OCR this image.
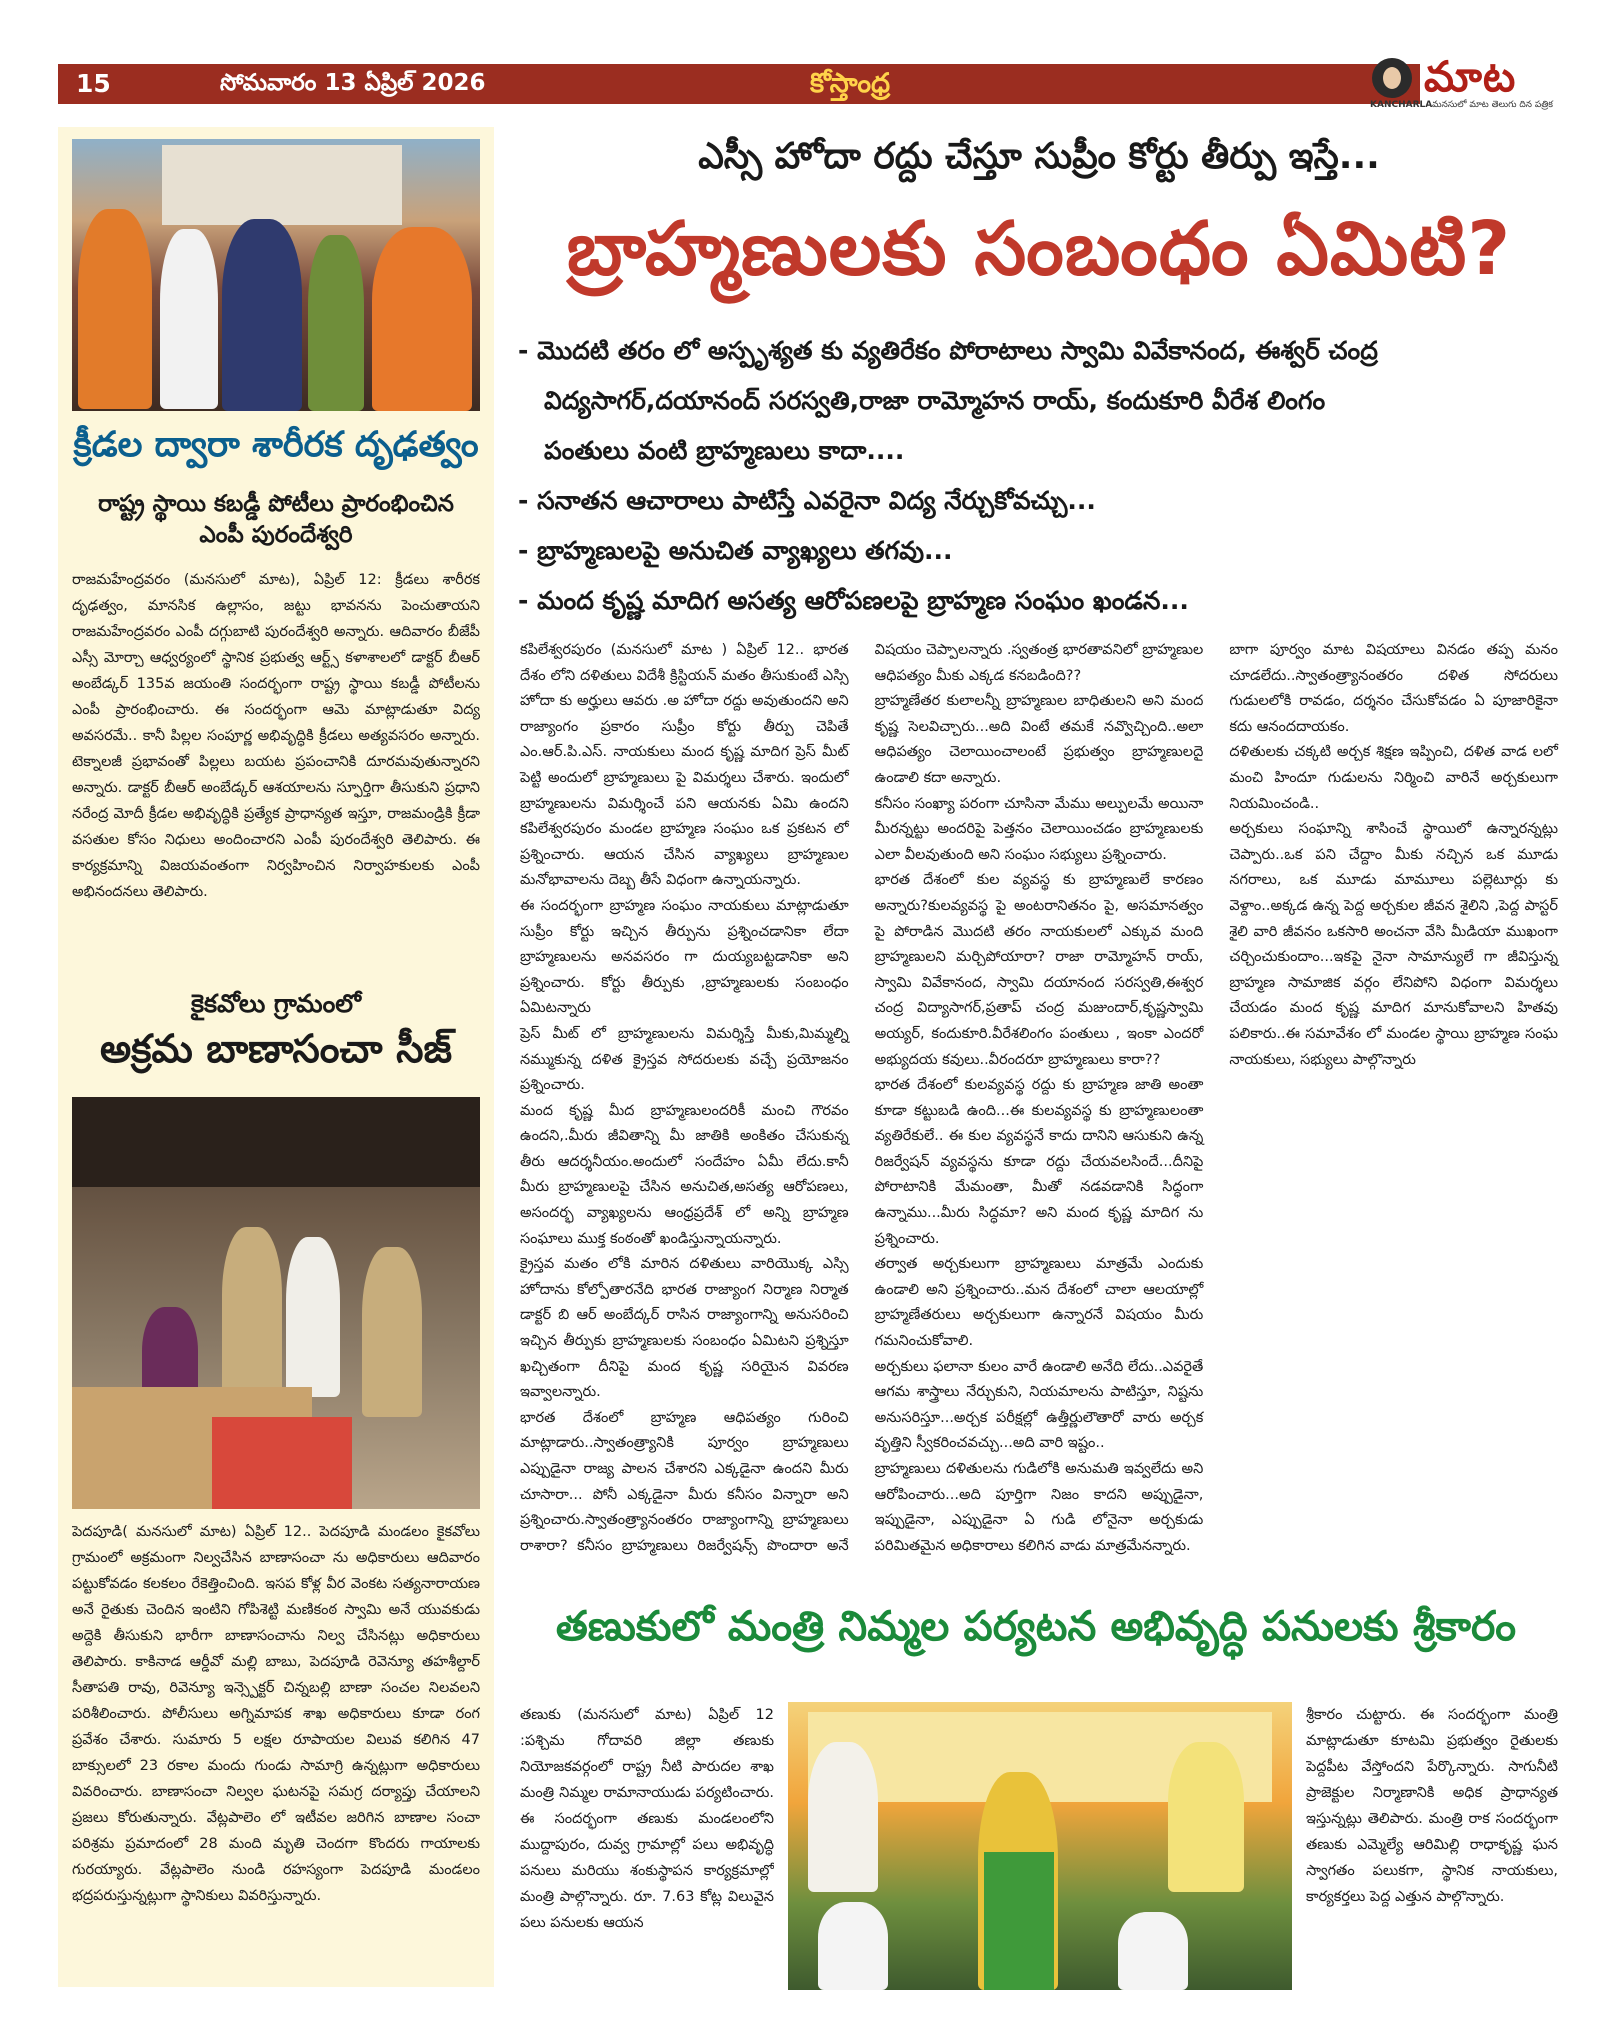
15	సోమవారం 13 ఏప్రిల్ 2026	కోస్తాంధ్ర
KANCHARLA
మాట
మనసులో మాట తెలుగు దిన పత్రిక
క్రీడల ద్వారా శారీరక దృఢత్వం
రాష్ట్ర స్థాయి కబడ్డీ పోటీలు ప్రారంభించిన ఎంపీ పురందేశ్వరి

రాజమహేంద్రవరం (మనసులో మాట), ఏప్రిల్ 12: క్రీడలు శారీరక దృఢత్వం, మానసిక ఉల్లాసం, జట్టు భావనను పెంచుతాయని రాజమహేంద్రవరం ఎంపీ దగ్గుబాటి పురందేశ్వరి అన్నారు. ఆదివారం బీజేపీ ఎస్సీ మోర్చా ఆధ్వర్యంలో స్థానిక ప్రభుత్వ ఆర్ట్స్ కళాశాలలో డాక్టర్ బీఆర్ అంబేడ్కర్ 135వ జయంతి సందర్భంగా రాష్ట్ర స్థాయి కబడ్డీ పోటీలను ఎంపీ ప్రారంభించారు. ఈ సందర్భంగా ఆమె మాట్లాడుతూ విద్య అవసరమే.. కానీ పిల్లల సంపూర్ణ అభివృద్ధికి క్రీడలు అత్యవసరం అన్నారు. టెక్నాలజీ ప్రభావంతో పిల్లలు బయట ప్రపంచానికి దూరమవుతున్నారని అన్నారు. డాక్టర్ బీఆర్ అంబేడ్కర్ ఆశయాలను స్ఫూర్తిగా తీసుకుని ప్రధాని నరేంద్ర మోదీ క్రీడల అభివృద్ధికి ప్రత్యేక ప్రాధాన్యత ఇస్తూ, రాజమండ్రికి క్రీడా వసతుల కోసం నిధులు అందించారని ఎంపీ పురందేశ్వరి తెలిపారు. ఈ కార్యక్రమాన్ని విజయవంతంగా నిర్వహించిన నిర్వాహకులకు ఎంపీ అభినందనలు తెలిపారు.

కైకవోలు గ్రామంలో
అక్రమ బాణాసంచా సీజ్

పెదపూడి( మనసులో మాట) ఏప్రిల్ 12.. పెదపూడి మండలం కైకవోలు గ్రామంలో అక్రమంగా నిల్వచేసిన బాణాసంచా ను అధికారులు ఆదివారం పట్టుకోవడం కలకలం రేకెత్తించింది. ఇసప కోళ్ల వీర వెంకట సత్యనారాయణ అనే రైతుకు చెందిన ఇంటిని గోపిశెట్టి మణికంఠ స్వామి అనే యువకుడు అద్దెకి తీసుకుని భారీగా బాణాసంచాను నిల్వ చేసినట్లు అధికారులు తెలిపారు. కాకినాడ ఆర్డీవో మల్లి బాబు, పెదపూడి రెవెన్యూ తహశీల్దార్ సీతాపతి రావు, రివెన్యూ ఇన్స్పెక్టర్ చిన్నబల్లి బాణా సంచల నిలవలని పరిశీలించారు. పోలీసులు అగ్నిమాపక శాఖ అధికారులు కూడా రంగ ప్రవేశం చేశారు. సుమారు 5 లక్షల రూపాయల విలువ కలిగిన 47 బాక్సులలో 23 రకాల మందు గుండు సామాగ్రి ఉన్నట్లుగా అధికారులు వివరించారు. బాణాసంచా నిల్వల ఘటనపై సమగ్ర దర్యాప్తు చేయాలని ప్రజలు కోరుతున్నారు. వేట్లపాలెం లో ఇటీవల జరిగిన బాణాల సంచా పరిశ్రమ ప్రమాదంలో 28 మంది మృతి చెందగా కొందరు గాయాలకు గురయ్యారు. వేట్లపాలెం నుండి రహస్యంగా పెదపూడి మండలం భద్రపరుస్తున్నట్లుగా స్థానికులు వివరిస్తున్నారు.

ఎస్సీ హోదా రద్దు చేస్తూ సుప్రీం కోర్టు తీర్పు ఇస్తే...
బ్రాహ్మణులకు సంబంధం ఏమిటి?
- మొదటి తరం లో అస్పృశ్యత కు వ్యతిరేకం పోరాటాలు స్వామి వివేకానంద, ఈశ్వర్ చంద్ర
విద్యసాగర్,దయానంద్ సరస్వతి,రాజా రామ్మోహన రాయ్, కందుకూరి వీరేశ లింగం
పంతులు వంటి బ్రాహ్మణులు కాదా....
- సనాతన ఆచారాలు పాటిస్తే ఎవరైనా విద్య నేర్చుకోవచ్చు...
- బ్రాహ్మణులపై అనుచిత వ్యాఖ్యలు తగవు...
- మంద కృష్ణ మాదిగ అసత్య ఆరోపణలపై బ్రాహ్మణ సంఘం ఖండన...

కపిలేశ్వరపురం (మనసులో మాట ) ఏప్రిల్ 12.. భారత దేశం లోని దళితులు విదేశీ క్రిస్టియన్ మతం తీసుకుంటే ఎస్సి హోదా కు అర్హులు ఆవరు .అ హోదా రద్దు అవుతుందని అని రాజ్యాంగం ప్రకారం సుప్రీం కోర్టు తీర్పు చెపితే ఎం.ఆర్.పి.ఎస్. నాయకులు మంద కృష్ణ మాదిగ ప్రెస్ మీట్ పెట్టి అందులో బ్రాహ్మణులు పై విమర్శలు చేశారు. ఇందులో బ్రాహ్మణులను విమర్శించే పని ఆయనకు ఏమి ఉందని కపిలేశ్వరపురం మండల బ్రాహ్మణ సంఘం ఒక ప్రకటన లో ప్రశ్నించారు. ఆయన చేసిన వ్యాఖ్యలు బ్రాహ్మణుల మనోభావాలను దెబ్బ తీసే విధంగా ఉన్నాయన్నారు.

ఈ సందర్భంగా బ్రాహ్మణ సంఘం నాయకులు మాట్లాడుతూ సుప్రీం కోర్టు ఇచ్చిన తీర్పును ప్రశ్నించడానికా లేదా బ్రాహ్మణులను అనవసరం గా దుయ్యబట్టడానికా అని ప్రశ్నించారు. కోర్టు తీర్పుకు ,బ్రాహ్మణులకు సంబంధం ఏమిటన్నారు

ప్రెస్ మీట్ లో బ్రాహ్మణులను విమర్శిస్తే మీకు,మిమ్మల్ని నమ్ముకున్న దళిత క్రైస్తవ సోదరులకు వచ్చే ప్రయోజనం ప్రశ్నించారు.

మంద కృష్ణ మీద బ్రాహ్మణులందరికీ మంచి గౌరవం ఉందని,.మీరు జీవితాన్ని మీ జాతికి అంకితం చేసుకున్న తీరు ఆదర్శనీయం.అందులో సందేహం ఏమీ లేదు.కానీ మీరు బ్రాహ్మణులపై చేసిన అనుచిత,అసత్య ఆరోపణలు, అసందర్భ వ్యాఖ్యలను ఆంధ్రప్రదేశ్ లో అన్ని బ్రాహ్మణ సంఘాలు ముక్త కంఠంతో ఖండిస్తున్నాయన్నారు.

క్రైస్తవ మతం లోకి మారిన దళితులు వారియొక్క ఎస్సి హోదాను కోల్పోతారనేది భారత రాజ్యాంగ నిర్మాణ నిర్మాత డాక్టర్ బి ఆర్ అంబేద్కర్ రాసిన రాజ్యాంగాన్ని అనుసరించి ఇచ్చిన తీర్పుకు బ్రాహ్మణులకు సంబంధం ఏమిటని ప్రశ్నిస్తూ ఖచ్చితంగా దీనిపై మంద కృష్ణ సరియైన వివరణ ఇవ్వాలన్నారు.

భారత దేశంలో బ్రాహ్మణ ఆధిపత్యం గురించి మాట్లాడారు..స్వాతంత్ర్యానికి పూర్వం బ్రాహ్మణులు ఎప్పుడైనా రాజ్య పాలన చేశారని ఎక్కడైనా ఉందని మీరు చూసారా... పోనీ ఎక్కడైనా మీరు కనీసం విన్నారా అని ప్రశ్నించారు.స్వాతంత్ర్యానంతరం రాజ్యాంగాన్ని బ్రాహ్మణులు రాశారా? కనీసం బ్రాహ్మణులు రిజర్వేషన్స్ పొందారా అనే విషయం చెప్పాలన్నారు .స్వతంత్ర భారతావనిలో బ్రాహ్మణుల ఆధిపత్యం మీకు ఎక్కడ కనబడింది??

బ్రాహ్మణేతర కులాలన్నీ బ్రాహ్మణుల బాధితులని అని మంద కృష్ణ సెలవిచ్చారు...అది వింటే తమకే నవ్వొచ్చింది..అలా ఆధిపత్యం చెలాయించాలంటే ప్రభుత్వం బ్రాహ్మణులదై ఉండాలి కదా అన్నారు.

కనీసం సంఖ్యా పరంగా చూసినా మేము అల్పులమే అయినా మీరన్నట్టు అందరిపై పెత్తనం చెలాయించడం బ్రాహ్మణులకు ఎలా వీలవుతుంది అని సంఘం సభ్యులు ప్రశ్నించారు.

భారత దేశంలో కుల వ్యవస్థ కు బ్రాహ్మణులే కారణం అన్నారు?కులవ్యవస్థ పై అంటరానితనం పై, అసమానత్వం పై పోరాడిన మొదటి తరం నాయకులలో ఎక్కువ మంది బ్రాహ్మణులని మర్చిపోయారా? రాజా రామ్మోహన్ రాయ్, స్వామి వివేకానంద, స్వామి దయానంద సరస్వతి,ఈశ్వర చంద్ర విద్యాసాగర్,ప్రతాప్ చంద్ర మజుందార్,కృష్ణస్వామి అయ్యర్, కందుకూరి.వీరేశలింగం పంతులు , ఇంకా ఎందరో అభ్యుదయ కవులు..వీరందరూ బ్రాహ్మణులు కారా??

భారత దేశంలో కులవ్యవస్థ రద్దు కు బ్రాహ్మణ జాతి అంతా కూడా కట్టుబడి ఉంది...ఈ కులవ్యవస్థ కు బ్రాహ్మణులంతా వ్యతిరేకులే.. ఈ కుల వ్యవస్థనే కాదు దానిని ఆసుకుని ఉన్న రిజర్వేషన్ వ్యవస్థను కూడా రద్దు చేయవలసిందే...దీనిపై పోరాటానికి మేమంతా, మీతో నడవడానికి సిద్ధంగా ఉన్నాము...మీరు సిద్ధమా? అని మంద కృష్ణ మాదిగ ను ప్రశ్నించారు.

తర్వాత అర్చకులుగా బ్రాహ్మణులు మాత్రమే ఎందుకు ఉండాలి అని ప్రశ్నించారు..మన దేశంలో చాలా ఆలయాల్లో బ్రాహ్మణేతరులు అర్చకులుగా ఉన్నారనే విషయం మీరు గమనించుకోవాలి.

అర్చకులు ఫలానా కులం వారే ఉండాలి అనేది లేదు..ఎవరైతే ఆగమ శాస్త్రాలు నేర్చుకుని, నియమాలను పాటిస్తూ, నిష్టను అనుసరిస్తూ...అర్చక పరీక్షల్లో ఉత్తీర్ణులౌతారో వారు అర్చక వృత్తిని స్వీకరించవచ్చు...అది వారి ఇష్టం..

బ్రాహ్మణులు దళితులను గుడిలోకి అనుమతి ఇవ్వలేదు అని ఆరోపించారు...అది పూర్తిగా నిజం కాదని అప్పుడైనా, ఇప్పుడైనా, ఎప్పుడైనా ఏ గుడి లోనైనా అర్చకుడు పరిమితమైన అధికారాలు కలిగిన వాడు మాత్రమేనన్నారు.

బాగా పూర్వం మాట విషయాలు వినడం తప్ప మనం చూడలేదు..స్వాతంత్ర్యానంతరం దళిత సోదరులు గుడులలోకి రావడం, దర్శనం చేసుకోవడం ఏ పూజారికైనా కదు ఆనందదాయకం.

దళితులకు చక్కటి అర్చక శిక్షణ ఇప్పించి, దళిత వాడ లలో మంచి హిందూ గుడులను నిర్మించి వారినే అర్చకులుగా నియమించండి..

అర్చకులు సంఘాన్ని శాసించే స్థాయిలో ఉన్నారన్నట్లు చెప్పారు..ఒక పని చేద్దాం మీకు నచ్చిన ఒక మూడు నగరాలు, ఒక మూడు మామూలు పల్లెటూర్లు కు వెళ్దాం..అక్కడ ఉన్న పెద్ద అర్చకుల జీవన శైలిని ,పెద్ద పాస్టర్ శైలి వారి జీవనం ఒకసారి అంచనా వేసి మీడియా ముఖంగా చర్చించుకుందాం...ఇకపై నైనా సామాన్యులే గా జీవిస్తున్న బ్రాహ్మణ సామాజిక వర్గం లేనిపోని విధంగా విమర్శలు చేయడం మంద కృష్ణ మాదిగ మానుకోవాలని హితవు పలికారు..ఈ సమావేశం లో మండల స్థాయి బ్రాహ్మణ సంఘ నాయకులు, సభ్యులు పాల్గొన్నారు

తణుకులో మంత్రి నిమ్మల పర్యటన అభివృద్ధి పనులకు శ్రీకారం

తణుకు (మనసులో మాట) ఏప్రిల్ 12 :పశ్చిమ గోదావరి జిల్లా తణుకు నియోజకవర్గంలో రాష్ట్ర నీటి పారుదల శాఖ మంత్రి నిమ్మల రామానాయుడు పర్యటించారు. ఈ సందర్భంగా తణుకు మండలంలోని ముద్దాపురం, దువ్వ గ్రామాల్లో పలు అభివృద్ధి పనులు మరియు శంకుస్థాపన కార్యక్రమాల్లో మంత్రి పాల్గొన్నారు. రూ. 7.63 కోట్ల విలువైన పలు పనులకు ఆయన

శ్రీకారం చుట్టారు. ఈ సందర్భంగా మంత్రి మాట్లాడుతూ కూటమి ప్రభుత్వం రైతులకు పెద్దపీట వేస్తోందని పేర్కొన్నారు. సాగునీటి ప్రాజెక్టుల నిర్మాణానికి అధిక ప్రాధాన్యత ఇస్తున్నట్లు తెలిపారు. మంత్రి రాక సందర్భంగా తణుకు ఎమ్మెల్యే ఆరిమిల్లి రాధాకృష్ణ ఘన స్వాగతం పలుకగా, స్థానిక నాయకులు, కార్యకర్తలు పెద్ద ఎత్తున పాల్గొన్నారు.
